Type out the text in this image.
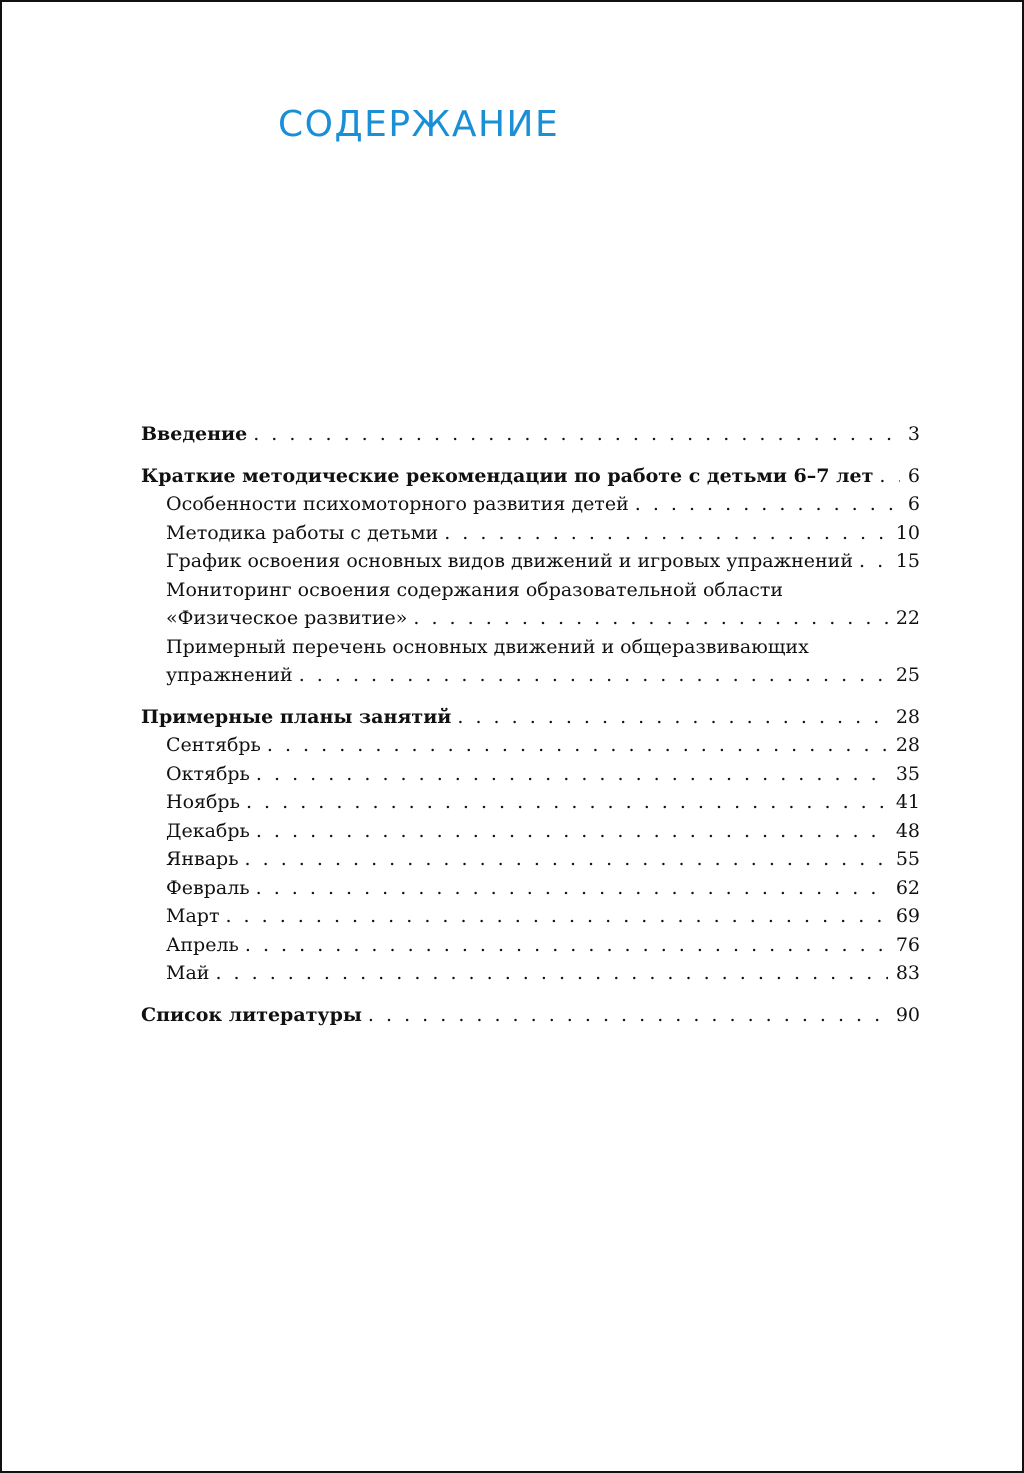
СОДЕРЖАНИЕ
Введение . . .	3
Краткие методические рекомендации по работе с детьми 6–7 лет . . . 6
Особенности психомоторного развития детей . . .	6
Методика работы с детьми . . .	10
График освоения основных видов движений и игровых упражнений . . . 15
Мониторинг освоения содержания образовательной области
«Физическое развитие» . . .	22
Примерный перечень основных движений и общеразвивающих
упражнений . . .	25
Примерные планы занятий . . .	28
Сентябрь . . .	28
Октябрь . . .	35
Ноябрь . . .	41
Декабрь . . .	48
Январь . . .	55
Февраль . . .	62
Март . . .	69
Апрель . . .	76
Май . . .	83
Список литературы . . .	90
